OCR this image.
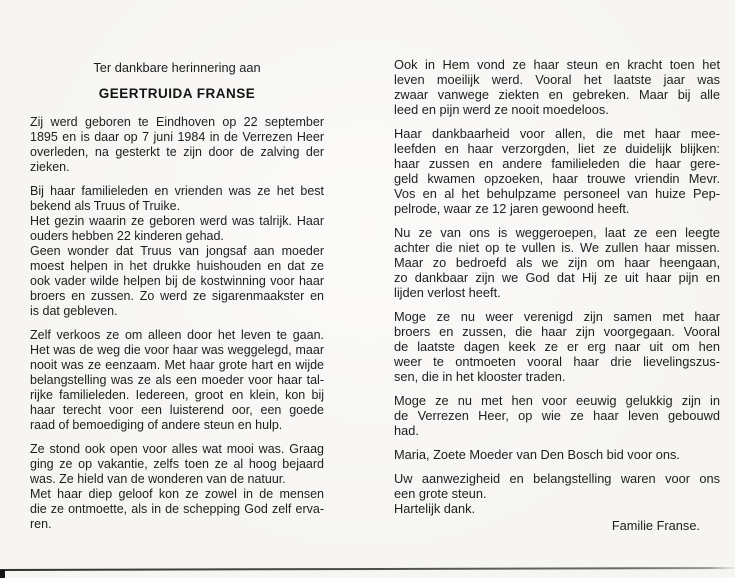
Ter dankbare herinnering aan
GEERTRUIDA FRANSE
Zij werd geboren te Eindhoven op 22 september
1895 en is daar op 7 juni 1984 in de Verrezen Heer
overleden, na gesterkt te zijn door de zalving der
zieken.
Bij haar familieleden en vrienden was ze het best
bekend als Truus of Truike.
Het gezin waarin ze geboren werd was talrijk. Haar
ouders hebben 22 kinderen gehad.
Geen wonder dat Truus van jongsaf aan moeder
moest helpen in het drukke huishouden en dat ze
ook vader wilde helpen bij de kostwinning voor haar
broers en zussen. Zo werd ze sigarenmaakster en
is dat gebleven.
Zelf verkoos ze om alleen door het leven te gaan.
Het was de weg die voor haar was weggelegd, maar
nooit was ze eenzaam. Met haar grote hart en wijde
belangstelling was ze als een moeder voor haar tal-
rijke familieleden. Iedereen, groot en klein, kon bij
haar terecht voor een luisterend oor, een goede
raad of bemoediging of andere steun en hulp.
Ze stond ook open voor alles wat mooi was. Graag
ging ze op vakantie, zelfs toen ze al hoog bejaard
was. Ze hield van de wonderen van de natuur.
Met haar diep geloof kon ze zowel in de mensen
die ze ontmoette, als in de schepping God zelf erva-
ren.
Ook in Hem vond ze haar steun en kracht toen het
leven moeilijk werd. Vooral het laatste jaar was
zwaar vanwege ziekten en gebreken. Maar bij alle
leed en pijn werd ze nooit moedeloos.
Haar dankbaarheid voor allen, die met haar mee-
leefden en haar verzorgden, liet ze duidelijk blijken:
haar zussen en andere familieleden die haar gere-
geld kwamen opzoeken, haar trouwe vriendin Mevr.
Vos en al het behulpzame personeel van huize Pep-
pelrode, waar ze 12 jaren gewoond heeft.
Nu ze van ons is weggeroepen, laat ze een leegte
achter die niet op te vullen is. We zullen haar missen.
Maar zo bedroefd als we zijn om haar heengaan,
zo dankbaar zijn we God dat Hij ze uit haar pijn en
lijden verlost heeft.
Moge ze nu weer verenigd zijn samen met haar
broers en zussen, die haar zijn voorgegaan. Vooral
de laatste dagen keek ze er erg naar uit om hen
weer te ontmoeten vooral haar drie lievelingszus-
sen, die in het klooster traden.
Moge ze nu met hen voor eeuwig gelukkig zijn in
de Verrezen Heer, op wie ze haar leven gebouwd
had.
Maria, Zoete Moeder van Den Bosch bid voor ons.
Uw aanwezigheid en belangstelling waren voor ons
een grote steun.
Hartelijk dank.
Familie Franse.
